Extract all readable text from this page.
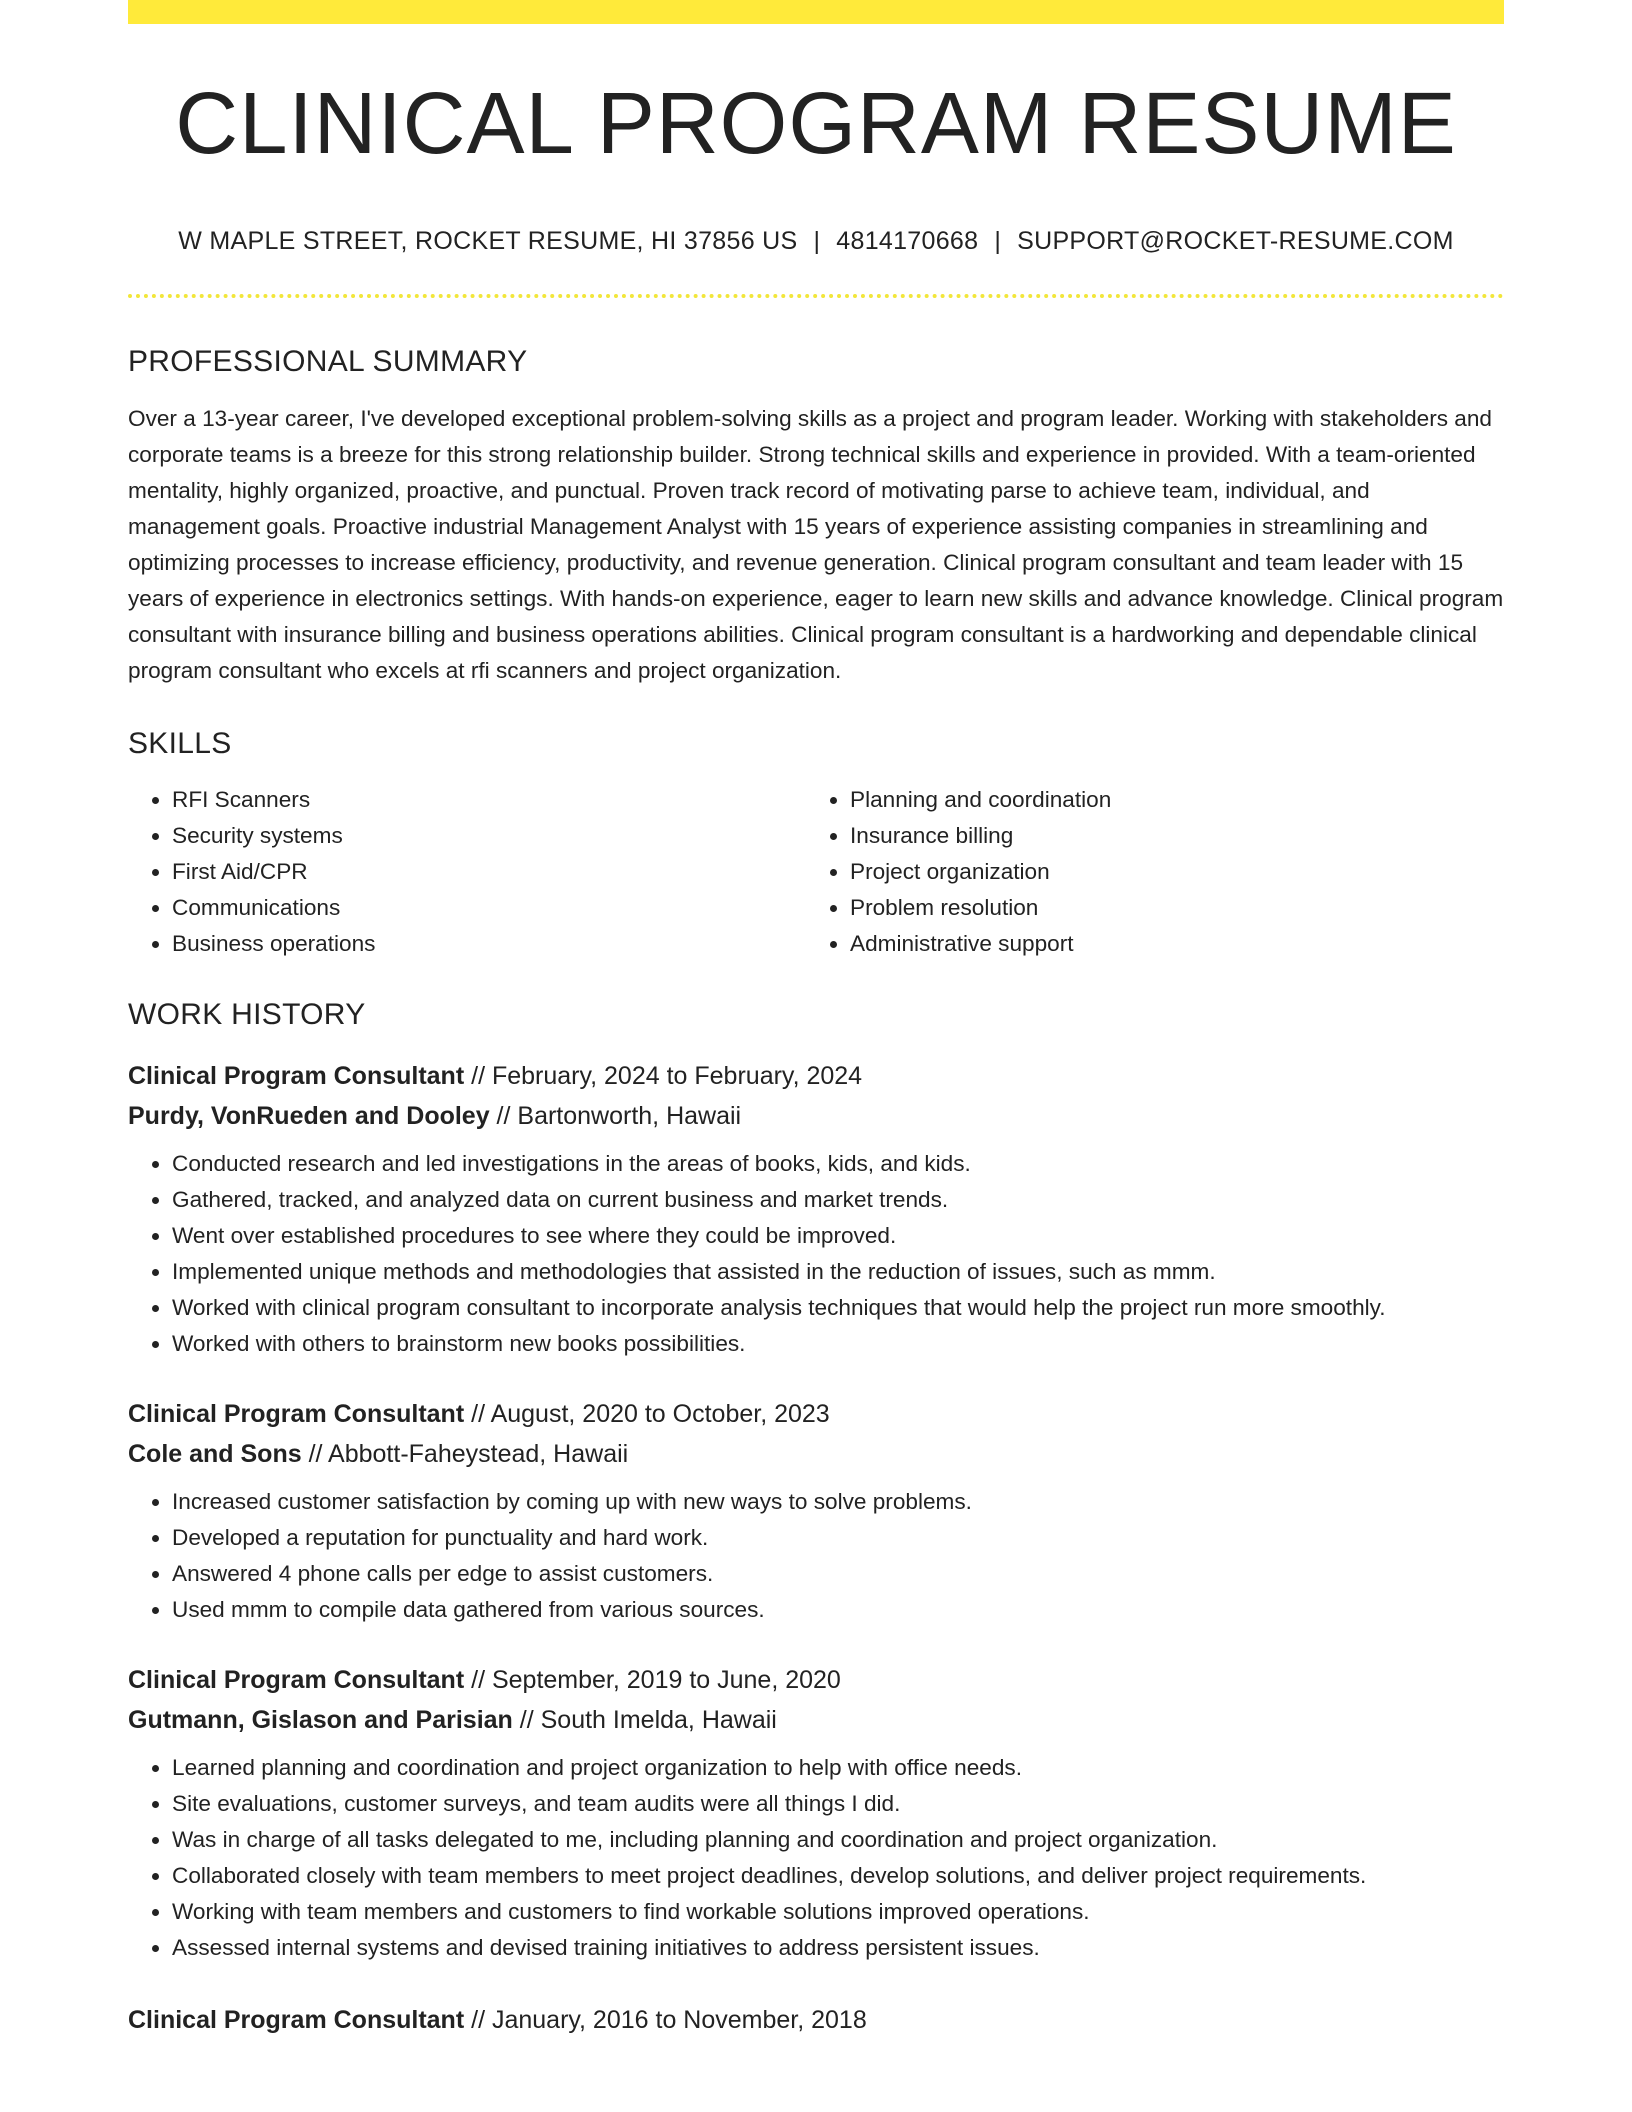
CLINICAL PROGRAM RESUME
W MAPLE STREET, ROCKET RESUME, HI 37856 US | 4814170668 | SUPPORT@ROCKET-RESUME.COM
PROFESSIONAL SUMMARY

Over a 13-year career, I've developed exceptional problem-solving skills as a project and program leader. Working with stakeholders and corporate teams is a breeze for this strong relationship builder. Strong technical skills and experience in provided. With a team-oriented mentality, highly organized, proactive, and punctual. Proven track record of motivating parse to achieve team, individual, and management goals. Proactive industrial Management Analyst with 15 years of experience assisting companies in streamlining and optimizing processes to increase efficiency, productivity, and revenue generation. Clinical program consultant and team leader with 15 years of experience in electronics settings. With hands-on experience, eager to learn new skills and advance knowledge. Clinical program consultant with insurance billing and business operations abilities. Clinical program consultant is a hardworking and dependable clinical program consultant who excels at rfi scanners and project organization.

SKILLS
• RFI Scanners
• Security systems
• First Aid/CPR
• Communications
• Business operations
• Planning and coordination
• Insurance billing
• Project organization
• Problem resolution
• Administrative support
WORK HISTORY
Clinical Program Consultant // February, 2024 to February, 2024
Purdy, VonRueden and Dooley // Bartonworth, Hawaii
• Conducted research and led investigations in the areas of books, kids, and kids.
• Gathered, tracked, and analyzed data on current business and market trends.
• Went over established procedures to see where they could be improved.
• Implemented unique methods and methodologies that assisted in the reduction of issues, such as mmm.
• Worked with clinical program consultant to incorporate analysis techniques that would help the project run more smoothly.
• Worked with others to brainstorm new books possibilities.
Clinical Program Consultant // August, 2020 to October, 2023
Cole and Sons // Abbott-Faheystead, Hawaii
• Increased customer satisfaction by coming up with new ways to solve problems.
• Developed a reputation for punctuality and hard work.
• Answered 4 phone calls per edge to assist customers.
• Used mmm to compile data gathered from various sources.
Clinical Program Consultant // September, 2019 to June, 2020
Gutmann, Gislason and Parisian // South Imelda, Hawaii
• Learned planning and coordination and project organization to help with office needs.
• Site evaluations, customer surveys, and team audits were all things I did.
• Was in charge of all tasks delegated to me, including planning and coordination and project organization.
• Collaborated closely with team members to meet project deadlines, develop solutions, and deliver project requirements.
• Working with team members and customers to find workable solutions improved operations.
• Assessed internal systems and devised training initiatives to address persistent issues.
Clinical Program Consultant // January, 2016 to November, 2018
